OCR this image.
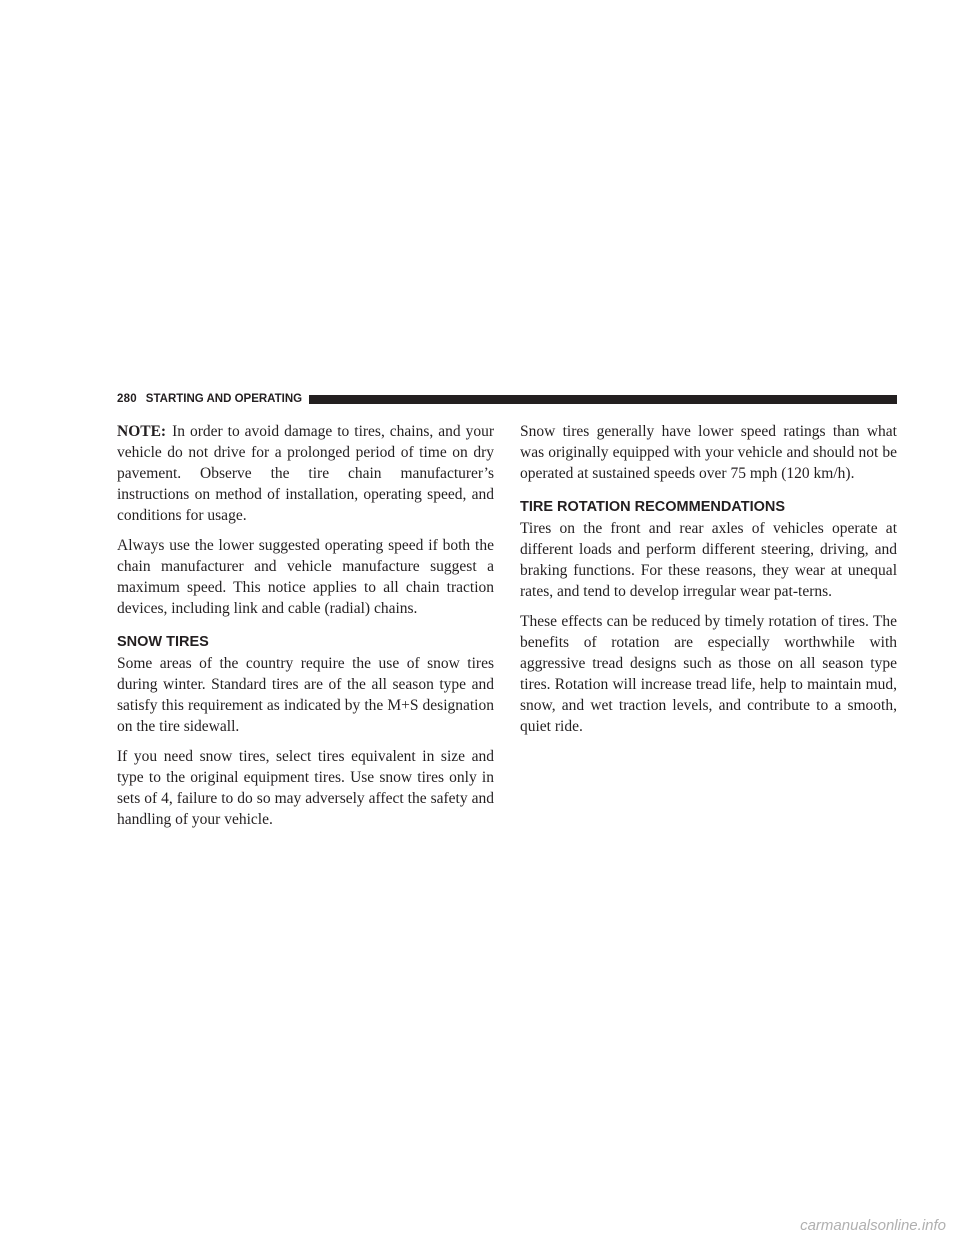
280 STARTING AND OPERATING

NOTE: In order to avoid damage to tires, chains, and your vehicle do not drive for a prolonged period of time on dry pavement. Observe the tire chain manufacturer’s instructions on method of installation, operating speed, and conditions for usage.

Always use the lower suggested operating speed if both the chain manufacturer and vehicle manufacture suggest a maximum speed. This notice applies to all chain traction devices, including link and cable (radial) chains.

SNOW TIRES

Some areas of the country require the use of snow tires during winter. Standard tires are of the all season type and satisfy this requirement as indicated by the M+S designation on the tire sidewall.

If you need snow tires, select tires equivalent in size and type to the original equipment tires. Use snow tires only in sets of 4, failure to do so may adversely affect the safety and handling of your vehicle.

Snow tires generally have lower speed ratings than what was originally equipped with your vehicle and should not be operated at sustained speeds over 75 mph (120 km/h).

TIRE ROTATION RECOMMENDATIONS

Tires on the front and rear axles of vehicles operate at different loads and perform different steering, driving, and braking functions. For these reasons, they wear at unequal rates, and tend to develop irregular wear pat-terns.

These effects can be reduced by timely rotation of tires. The benefits of rotation are especially worthwhile with aggressive tread designs such as those on all season type tires. Rotation will increase tread life, help to maintain mud, snow, and wet traction levels, and contribute to a smooth, quiet ride.

carmanualsonline.info
